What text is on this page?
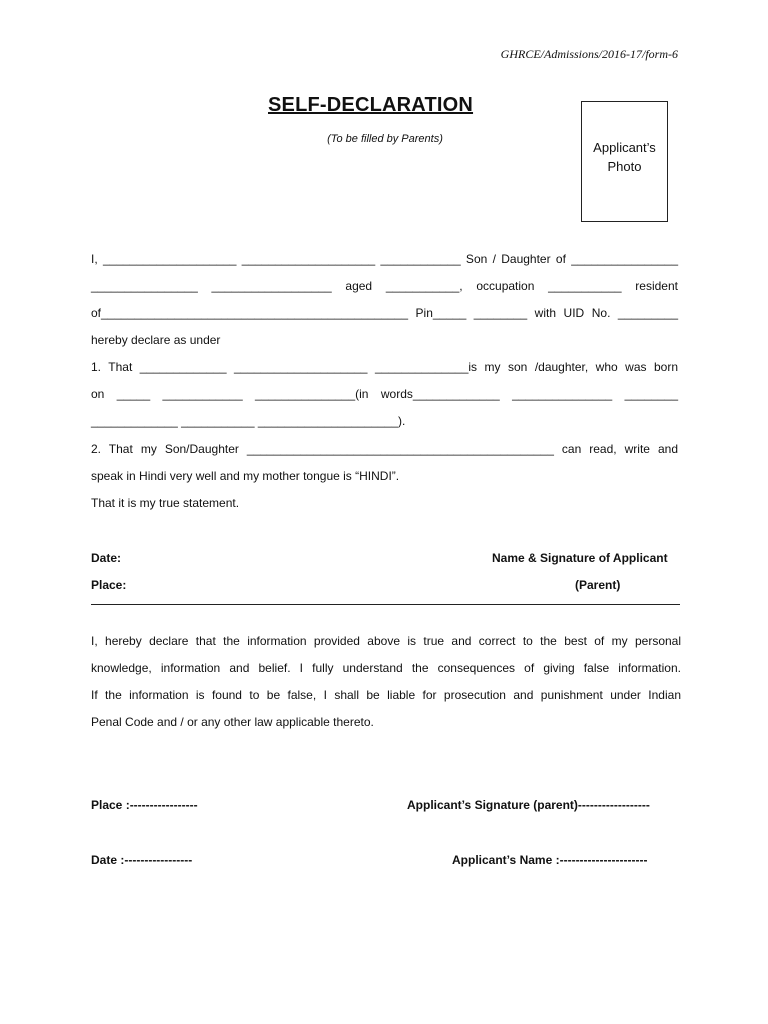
GHRCE/Admissions/2016-17/form-6
SELF-DECLARATION
(To be filled by Parents)
Applicant’s
Photo
I, ____________________ ____________________ ____________ Son / Daughter of ________________
________________ __________________ aged ___________, occupation ___________ resident
of______________________________________________ Pin_____ ________ with UID No. _________
hereby declare as under
1. That _____________ ____________________ ______________is my son /daughter, who was born
on _____ ____________ _______________(in words_____________ _______________ ________
_____________ ___________ _____________________).
2. That my Son/Daughter ______________________________________________ can read, write and
speak in Hindi very well and my mother tongue is “HINDI”.
That it is my true statement.
Date:
Place:
Name & Signature of Applicant
(Parent)
I, hereby declare that the information provided above is true and correct to the best of my personal
knowledge, information and belief. I fully understand the consequences of giving false information.
If the information is found to be false, I shall be liable for prosecution and punishment under Indian
Penal Code and / or any other law applicable thereto.
Place :-----------------	Applicant’s Signature (parent)------------------
Date :-----------------	Applicant’s Name :----------------------
